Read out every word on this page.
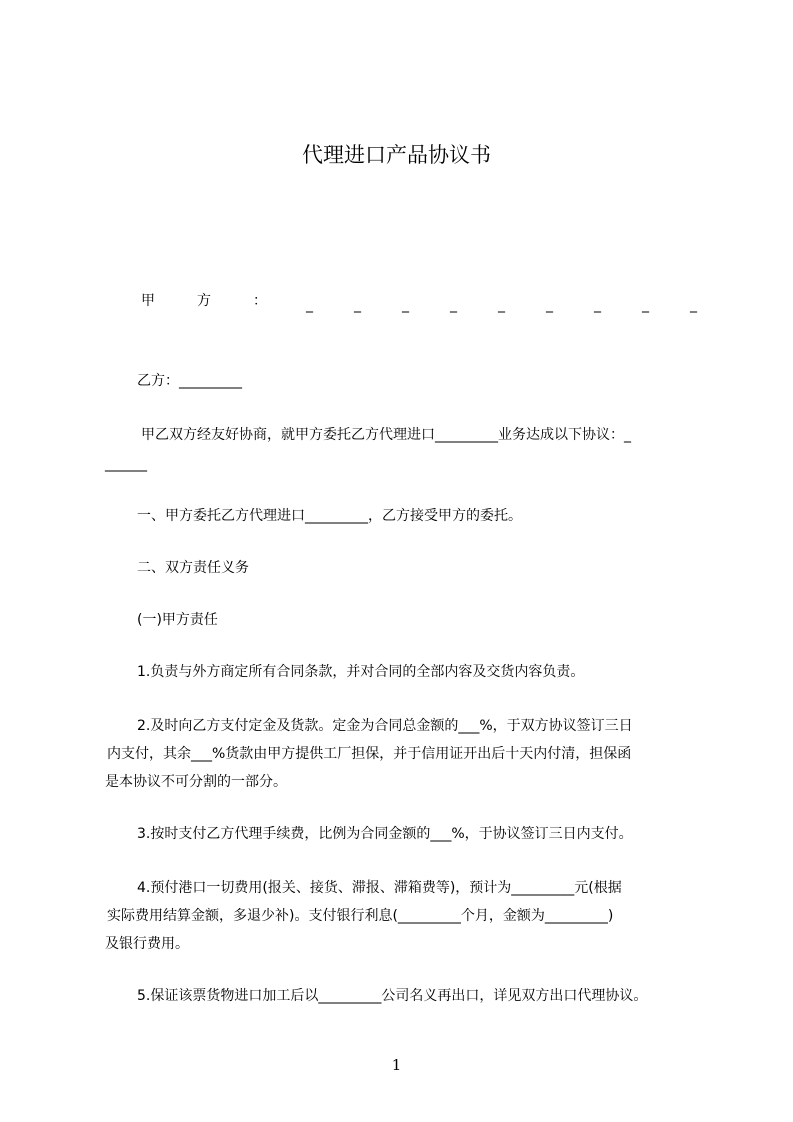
代理进口产品协议书
甲	方	：	_	_	_	_	_	_	_	_	_
乙方：_________
甲乙双方经友好协商，就甲方委托乙方代理进口_________业务达成以下协议：_
______
一、甲方委托乙方代理进口_________，乙方接受甲方的委托。
二、双方责任义务
(一)甲方责任
1.负责与外方商定所有合同条款，并对合同的全部内容及交货内容负责。
2.及时向乙方支付定金及货款。定金为合同总金额的___%，于双方协议签订三日
内支付，其余___%货款由甲方提供工厂担保，并于信用证开出后十天内付清，担保函
是本协议不可分割的一部分。
3.按时支付乙方代理手续费，比例为合同金额的___%，于协议签订三日内支付。
4.预付港口一切费用(报关、接货、滞报、滞箱费等)，预计为_________元(根据
实际费用结算金额，多退少补)。支付银行利息(_________个月，金额为_________)
及银行费用。
5.保证该票货物进口加工后以_________公司名义再出口，详见双方出口代理协议。
1
